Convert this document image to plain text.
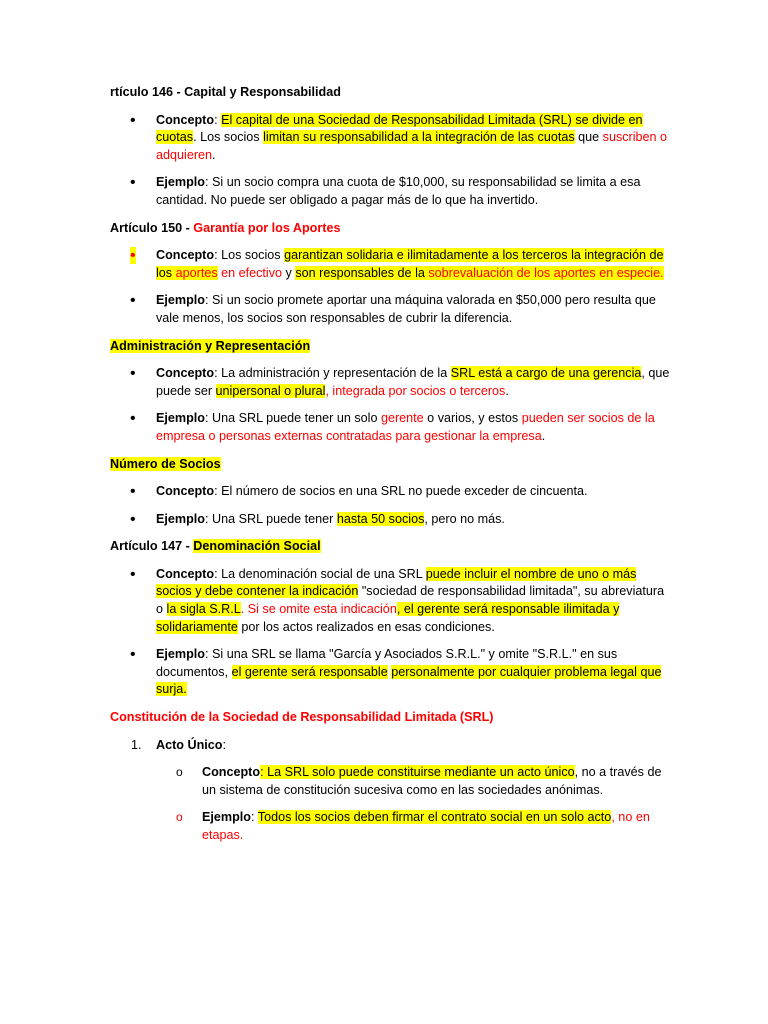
rtículo 146 - Capital y Responsabilidad
• Concepto: El capital de una Sociedad de Responsabilidad Limitada (SRL) se divide en cuotas. Los socios limitan su responsabilidad a la integración de las cuotas que suscriben o adquieren.
• Ejemplo: Si un socio compra una cuota de $10,000, su responsabilidad se limita a esa cantidad. No puede ser obligado a pagar más de lo que ha invertido.
Artículo 150 - Garantía por los Aportes
• Concepto: Los socios garantizan solidaria e ilimitadamente a los terceros la integración de los aportes en efectivo y son responsables de la sobrevaluación de los aportes en especie.
• Ejemplo: Si un socio promete aportar una máquina valorada en $50,000 pero resulta que vale menos, los socios son responsables de cubrir la diferencia.
Administración y Representación
• Concepto: La administración y representación de la SRL está a cargo de una gerencia, que puede ser unipersonal o plural, integrada por socios o terceros.
• Ejemplo: Una SRL puede tener un solo gerente o varios, y estos pueden ser socios de la empresa o personas externas contratadas para gestionar la empresa.
Número de Socios
• Concepto: El número de socios en una SRL no puede exceder de cincuenta.
• Ejemplo: Una SRL puede tener hasta 50 socios, pero no más.
Artículo 147 - Denominación Social
• Concepto: La denominación social de una SRL puede incluir el nombre de uno o más socios y debe contener la indicación "sociedad de responsabilidad limitada", su abreviatura o la sigla S.R.L. Si se omite esta indicación, el gerente será responsable ilimitada y solidariamente por los actos realizados en esas condiciones.
• Ejemplo: Si una SRL se llama "García y Asociados S.R.L." y omite "S.R.L." en sus documentos, el gerente será responsable personalmente por cualquier problema legal que surja.
Constitución de la Sociedad de Responsabilidad Limitada (SRL)
1. Acto Único:
o Concepto: La SRL solo puede constituirse mediante un acto único, no a través de un sistema de constitución sucesiva como en las sociedades anónimas.
o Ejemplo: Todos los socios deben firmar el contrato social en un solo acto, no en etapas.
